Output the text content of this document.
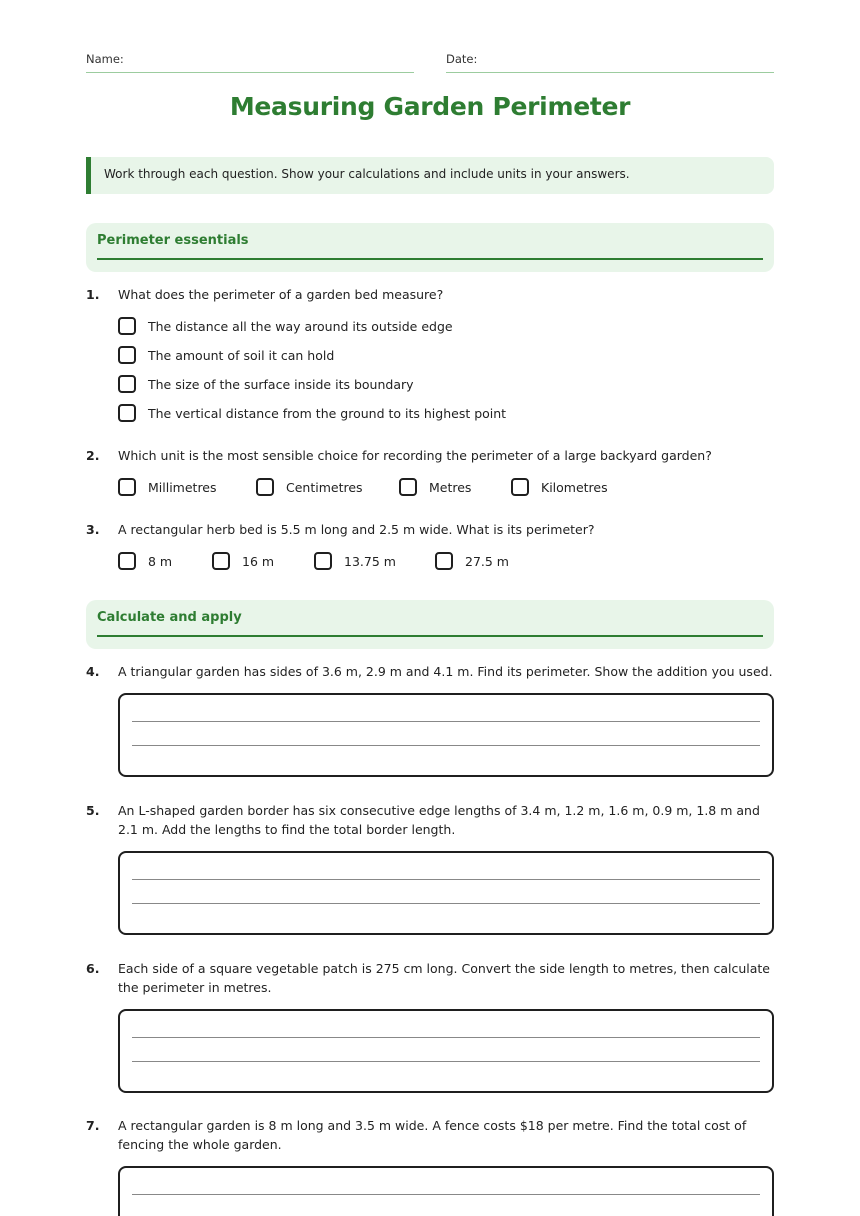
Name:	Date:
Measuring Garden Perimeter
Work through each question. Show your calculations and include units in your answers.
Perimeter essentials
1. What does the perimeter of a garden bed measure?
The distance all the way around its outside edge
The amount of soil it can hold
The size of the surface inside its boundary
The vertical distance from the ground to its highest point
2. Which unit is the most sensible choice for recording the perimeter of a large backyard garden?
Millimetres	Centimetres	Metres	Kilometres
3. A rectangular herb bed is 5.5 m long and 2.5 m wide. What is its perimeter?
8 m	16 m	13.75 m	27.5 m
Calculate and apply
4. A triangular garden has sides of 3.6 m, 2.9 m and 4.1 m. Find its perimeter. Show the addition you used.
5. An L-shaped garden border has six consecutive edge lengths of 3.4 m, 1.2 m, 1.6 m, 0.9 m, 1.8 m and 2.1 m. Add the lengths to find the total border length.
6. Each side of a square vegetable patch is 275 cm long. Convert the side length to metres, then calculate the perimeter in metres.
7. A rectangular garden is 8 m long and 3.5 m wide. A fence costs $18 per metre. Find the total cost of fencing the whole garden.
